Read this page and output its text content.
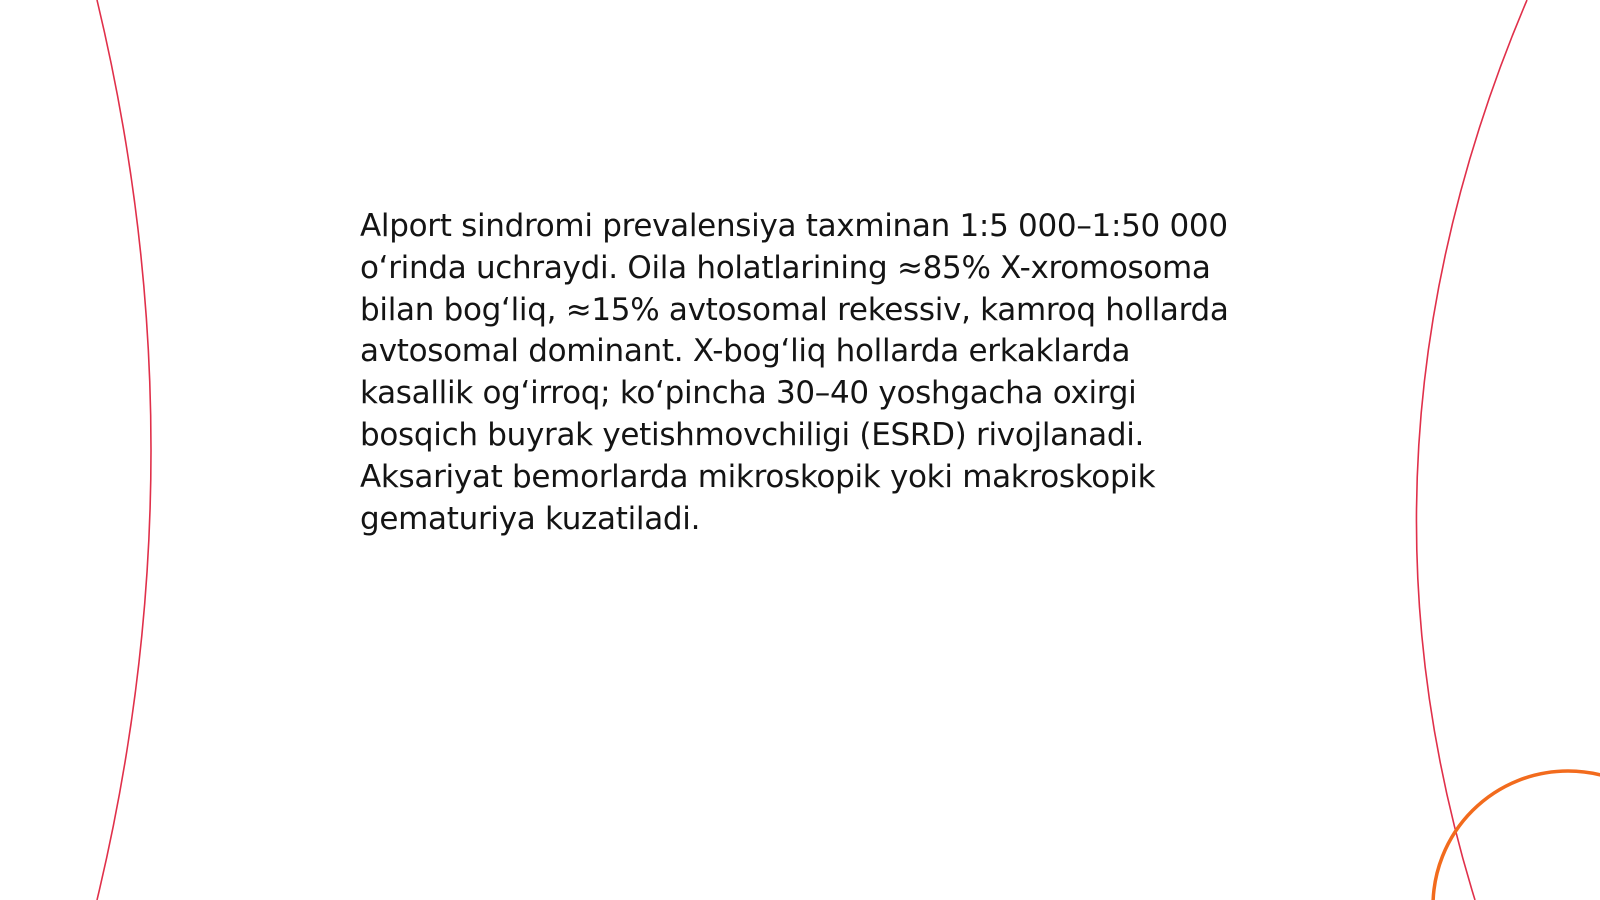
Alport sindromi prevalensiya taxminan 1:5 000–1:50 000 oʻrinda uchraydi. Oila holatlarining ≈85% X-xromosoma bilan bogʻliq, ≈15% avtosomal rekessiv, kamroq hollarda avtosomal dominant. X-bogʻliq hollarda erkaklarda kasallik ogʻirroq; koʻpincha 30–40 yoshgacha oxirgi bosqich buyrak yetishmovchiligi (ESRD) rivojlanadi. Aksariyat bemorlarda mikroskopik yoki makroskopik gematuriya kuzatiladi.
